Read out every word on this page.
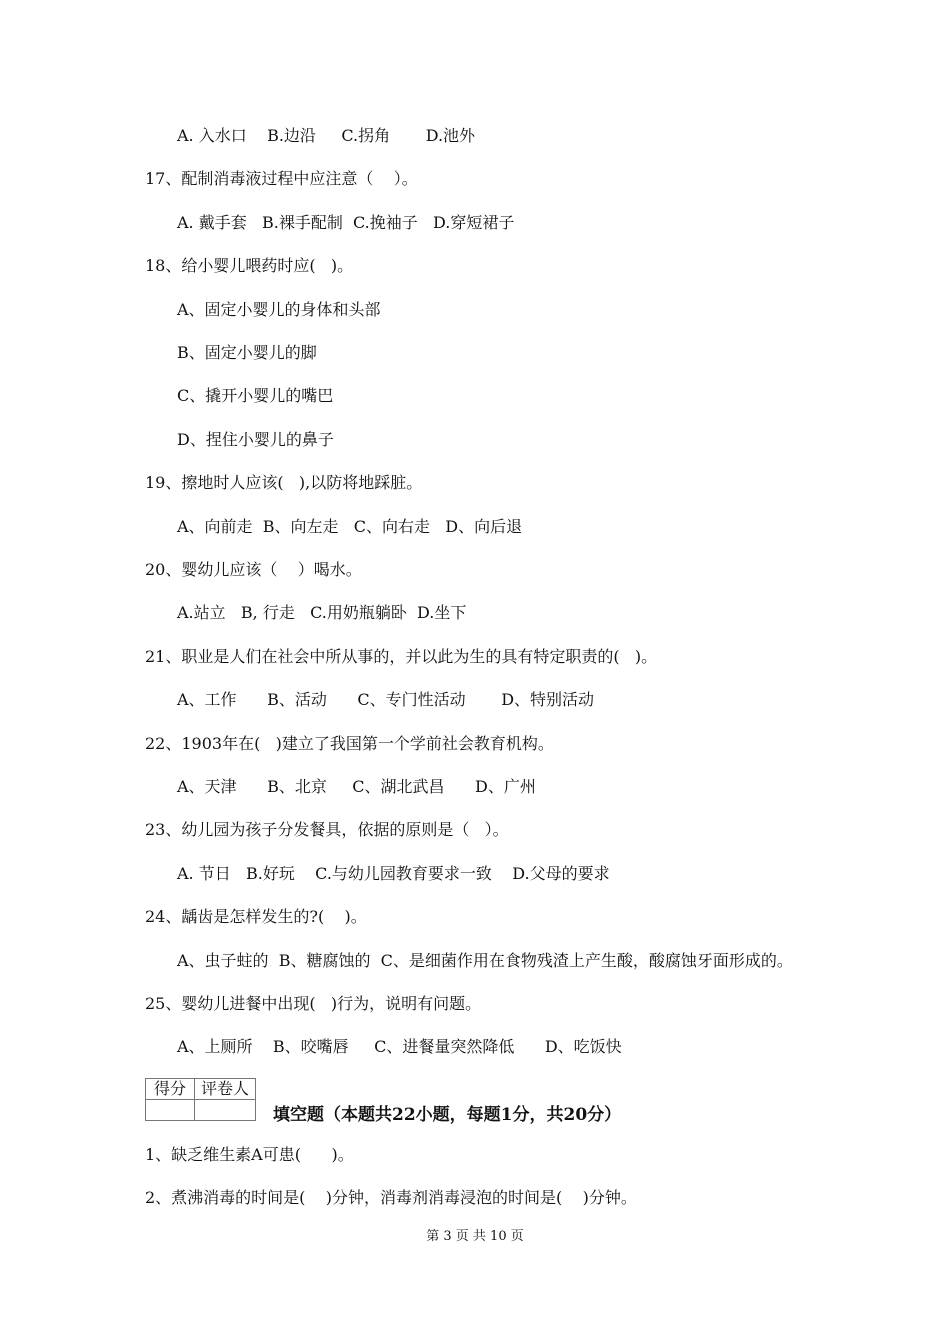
A. 入水口    B.边沿     C.拐角       D.池外
17、配制消毒液过程中应注意（    ）。
A. 戴手套   B.裸手配制  C.挽袖子   D.穿短裙子
18、给小婴儿喂药时应(   )。
A、固定小婴儿的身体和头部
B、固定小婴儿的脚
C、撬开小婴儿的嘴巴
D、捏住小婴儿的鼻子
19、擦地时人应该(   ),以防将地踩脏。
A、向前走  B、向左走   C、向右走   D、向后退
20、婴幼儿应该（    ）喝水。
A.站立   B, 行走   C.用奶瓶躺卧  D.坐下
21、职业是人们在社会中所从事的，并以此为生的具有特定职责的(   )。
A、工作      B、活动      C、专门性活动       D、特别活动
22、1903年在(   )建立了我国第一个学前社会教育机构。
A、天津      B、北京     C、湖北武昌      D、广州
23、幼儿园为孩子分发餐具，依据的原则是（   ）。
A. 节日   B.好玩    C.与幼儿园教育要求一致    D.父母的要求
24、龋齿是怎样发生的?(    )。
A、虫子蛀的  B、糖腐蚀的  C、是细菌作用在食物残渣上产生酸，酸腐蚀牙面形成的。
25、婴幼儿进餐中出现(   )行为，说明有问题。
A、上厕所    B、咬嘴唇     C、进餐量突然降低      D、吃饭快
得分	评卷人

填空题（本题共22小题，每题1分，共20分）
1、缺乏维生素A可患(      )。
2、煮沸消毒的时间是(    )分钟，消毒剂消毒浸泡的时间是(    )分钟。
第 3 页 共 10 页
